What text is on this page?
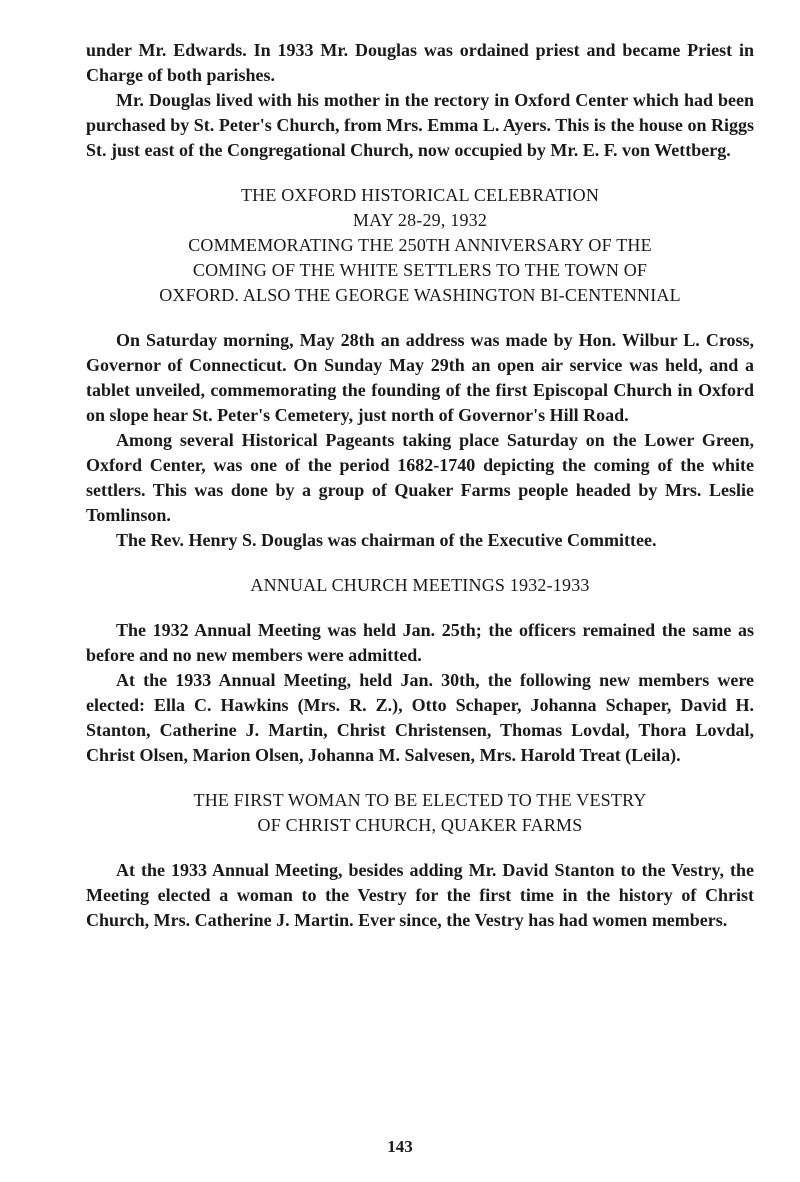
under Mr. Edwards. In 1933 Mr. Douglas was ordained priest and became Priest in Charge of both parishes.

Mr. Douglas lived with his mother in the rectory in Oxford Center which had been purchased by St. Peter's Church, from Mrs. Emma L. Ayers. This is the house on Riggs St. just east of the Congregational Church, now occupied by Mr. E. F. von Wettberg.

THE OXFORD HISTORICAL CELEBRATION

MAY 28-29, 1932

COMMEMORATING THE 250TH ANNIVERSARY OF THE

COMING OF THE WHITE SETTLERS TO THE TOWN OF

OXFORD. ALSO THE GEORGE WASHINGTON BI-CENTENNIAL

On Saturday morning, May 28th an address was made by Hon. Wilbur L. Cross, Governor of Connecticut. On Sunday May 29th an open air service was held, and a tablet unveiled, commemorating the founding of the first Episcopal Church in Oxford on slope hear St. Peter's Cemetery, just north of Governor's Hill Road.

Among several Historical Pageants taking place Saturday on the Lower Green, Oxford Center, was one of the period 1682-1740 depicting the coming of the white settlers. This was done by a group of Quaker Farms people headed by Mrs. Leslie Tomlinson.

The Rev. Henry S. Douglas was chairman of the Executive Committee.

ANNUAL CHURCH MEETINGS 1932-1933

The 1932 Annual Meeting was held Jan. 25th; the officers remained the same as before and no new members were admitted.

At the 1933 Annual Meeting, held Jan. 30th, the following new members were elected: Ella C. Hawkins (Mrs. R. Z.), Otto Schaper, Johanna Schaper, David H. Stanton, Catherine J. Martin, Christ Christensen, Thomas Lovdal, Thora Lovdal, Christ Olsen, Marion Olsen, Johanna M. Salvesen, Mrs. Harold Treat (Leila).

THE FIRST WOMAN TO BE ELECTED TO THE VESTRY

OF CHRIST CHURCH, QUAKER FARMS

At the 1933 Annual Meeting, besides adding Mr. David Stanton to the Vestry, the Meeting elected a woman to the Vestry for the first time in the history of Christ Church, Mrs. Catherine J. Martin. Ever since, the Vestry has had women members.

143
